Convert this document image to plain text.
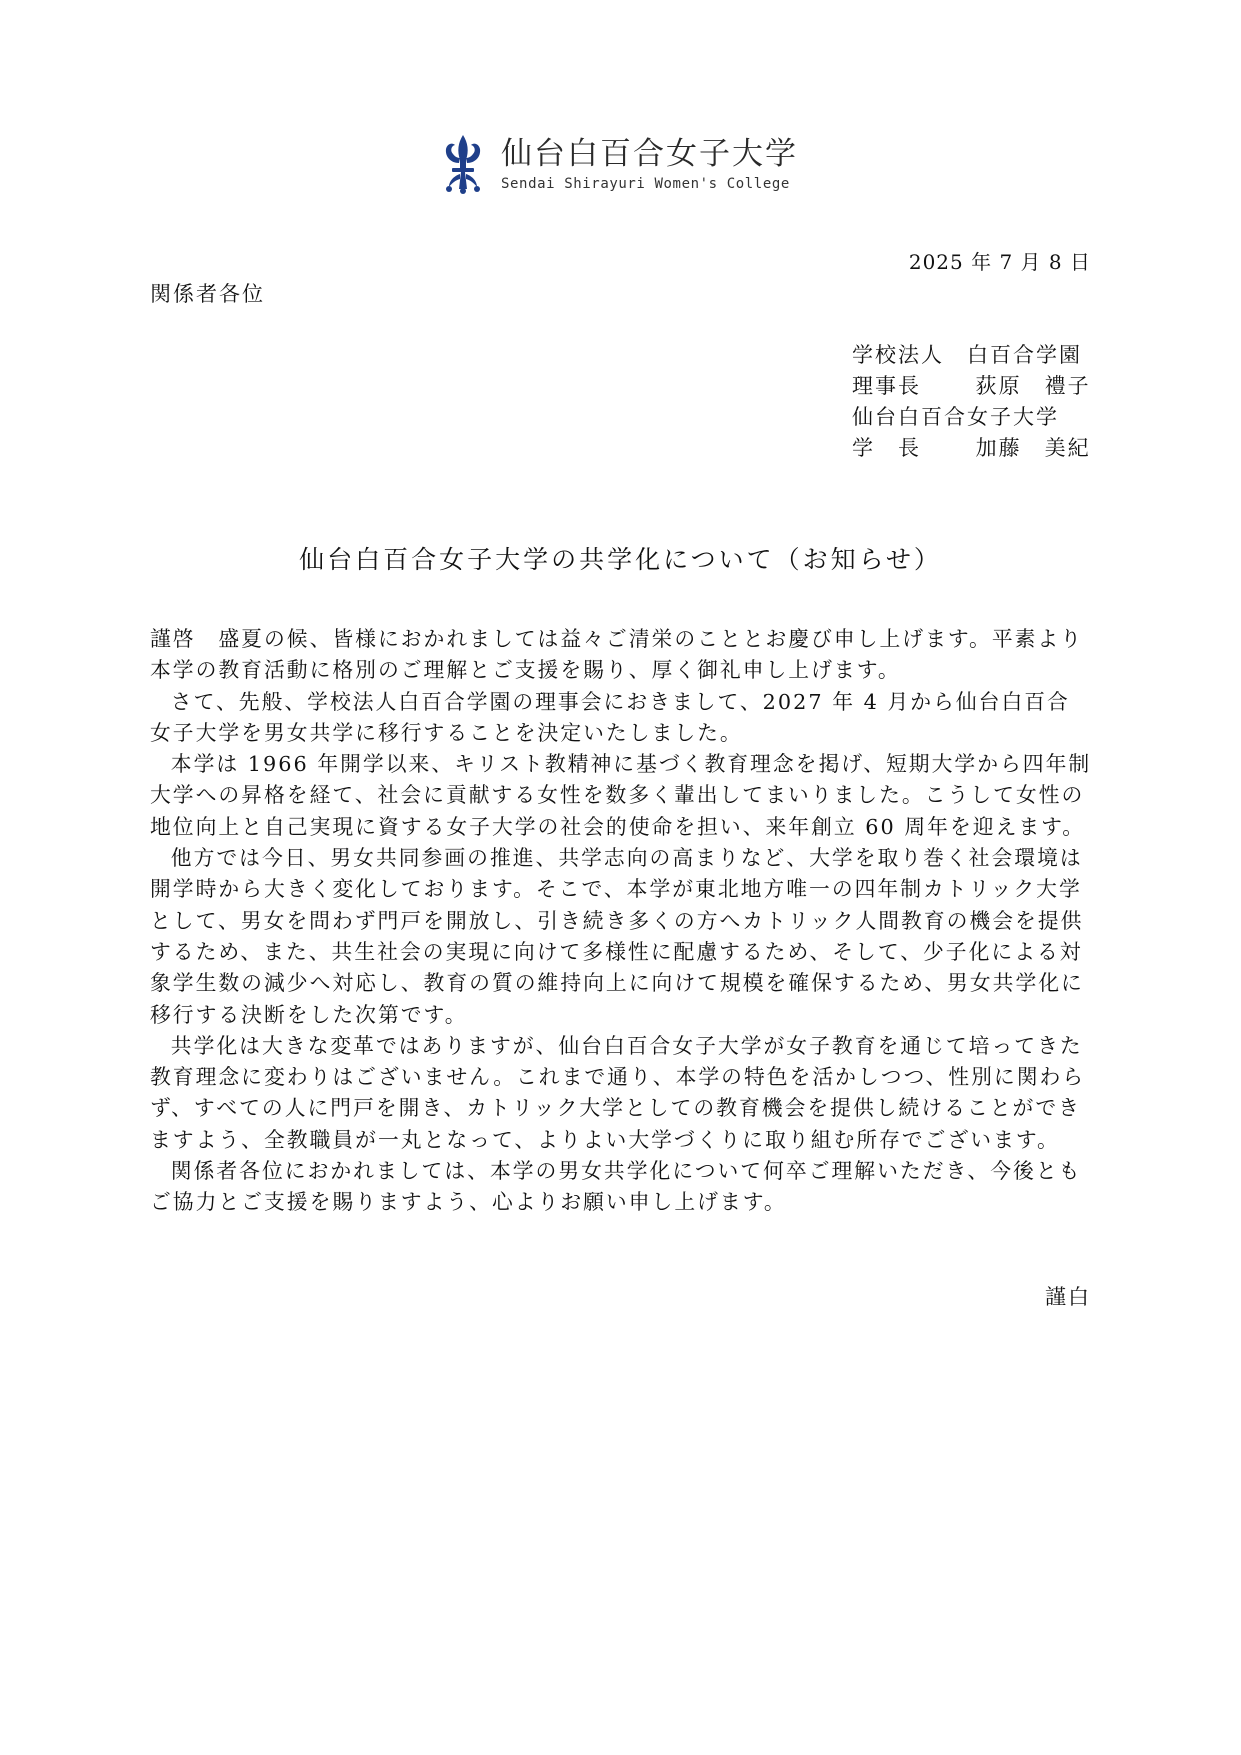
仙台白百合女子大学
Sendai Shirayuri Women's College
2025 年 7 月 8 日
関係者各位
学校法人　白百合学園
理事長　　 荻原　禮子
仙台白百合女子大学
学　長　　 加藤　美紀
仙台白百合女子大学の共学化について（お知らせ）

謹啓　盛夏の候、皆様におかれましては益々ご清栄のこととお慶び申し上げます。平素より本学の教育活動に格別のご理解とご支援を賜り、厚く御礼申し上げます。

さて、先般、学校法人白百合学園の理事会におきまして、2027 年 4 月から仙台白百合女子大学を男女共学に移行することを決定いたしました。

本学は 1966 年開学以来、キリスト教精神に基づく教育理念を掲げ、短期大学から四年制大学への昇格を経て、社会に貢献する女性を数多く輩出してまいりました。こうして女性の地位向上と自己実現に資する女子大学の社会的使命を担い、来年創立 60 周年を迎えます。

他方では今日、男女共同参画の推進、共学志向の高まりなど、大学を取り巻く社会環境は開学時から大きく変化しております。そこで、本学が東北地方唯一の四年制カトリック大学として、男女を問わず門戸を開放し、引き続き多くの方へカトリック人間教育の機会を提供するため、また、共生社会の実現に向けて多様性に配慮するため、そして、少子化による対象学生数の減少へ対応し、教育の質の維持向上に向けて規模を確保するため、男女共学化に移行する決断をした次第です。

共学化は大きな変革ではありますが、仙台白百合女子大学が女子教育を通じて培ってきた教育理念に変わりはございません。これまで通り、本学の特色を活かしつつ、性別に関わらず、すべての人に門戸を開き、カトリック大学としての教育機会を提供し続けることができますよう、全教職員が一丸となって、よりよい大学づくりに取り組む所存でございます。

関係者各位におかれましては、本学の男女共学化について何卒ご理解いただき、今後ともご協力とご支援を賜りますよう、心よりお願い申し上げます。

謹白
